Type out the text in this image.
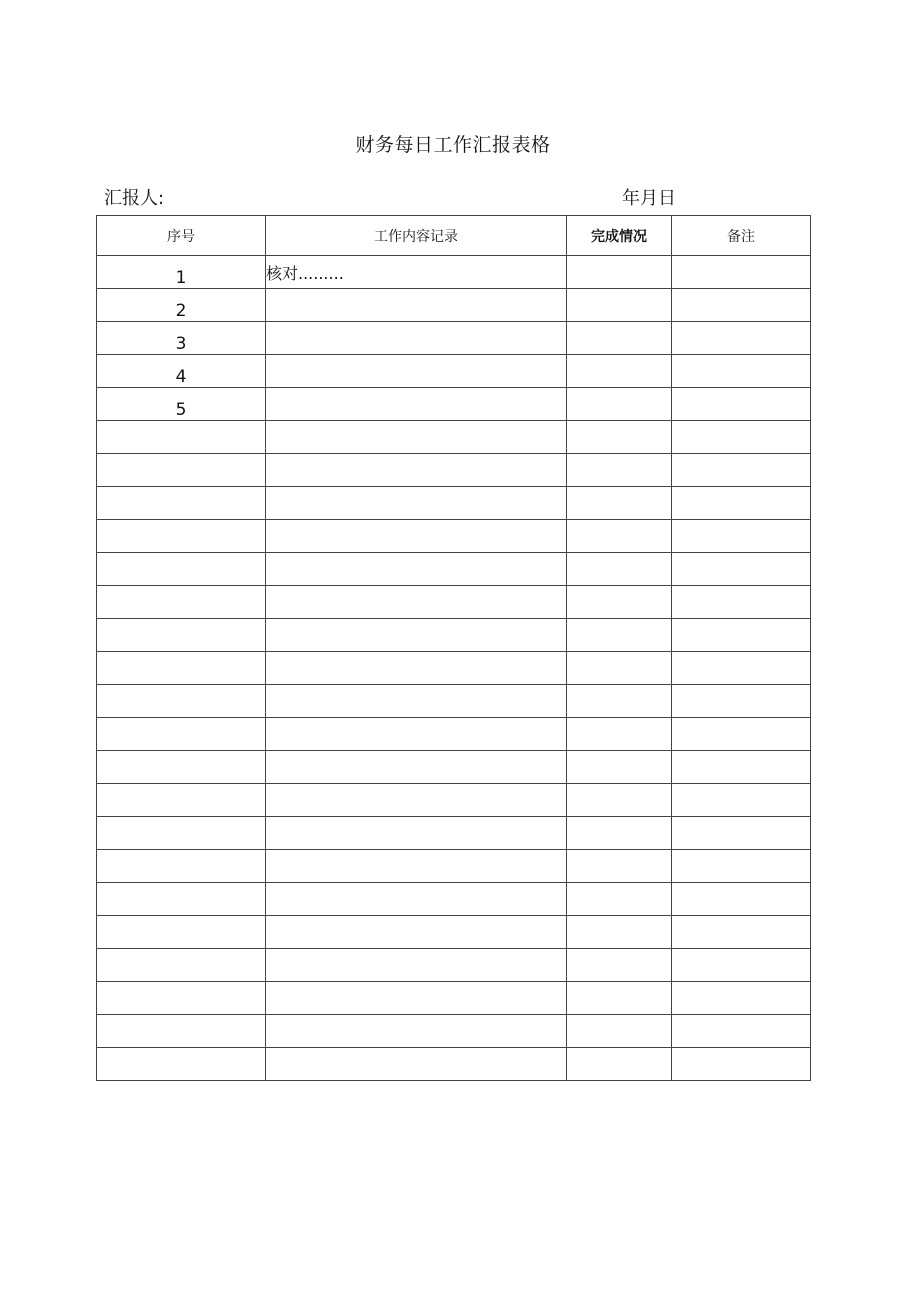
财务每日工作汇报表格
汇报人:	年月日
序号	工作内容记录	完成情况	备注
1	核对.........		
2			
3			
4			
5			
